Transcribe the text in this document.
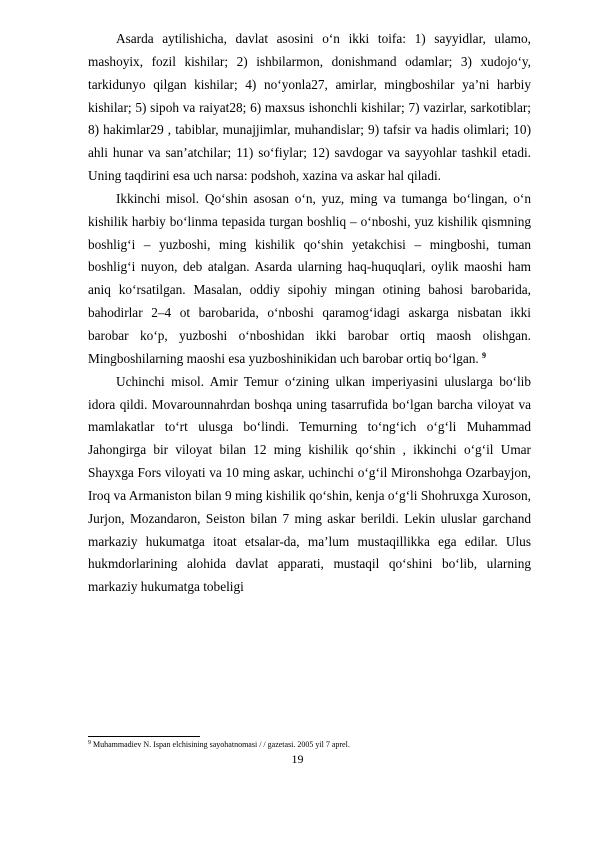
Asarda aytilishicha, davlat asosini o‘n ikki toifa: 1) sayyidlar, ulamo, mashoyix, fozil kishilar; 2) ishbilarmon, donishmand odamlar; 3) xudojo‘y, tarkidunyo qilgan kishilar; 4) no‘yonla27, amirlar, mingboshilar ya’ni harbiy kishilar; 5) sipoh va raiyat28; 6) maxsus ishonchli kishilar; 7) vazirlar, sarkotiblar; 8) hakimlar29 , tabiblar, munajjimlar, muhandislar; 9) tafsir va hadis olimlari; 10) ahli hunar va san’atchilar; 11) so‘fiylar; 12) savdogar va sayyohlar tashkil etadi. Uning taqdirini esa uch narsa: podshoh, xazina va askar hal qiladi.

Ikkinchi misol. Qo‘shin asosan o‘n, yuz, ming va tumanga bo‘lingan, o‘n kishilik harbiy bo‘linma tepasida turgan boshliq – o‘nboshi, yuz kishilik qismning boshlig‘i – yuzboshi, ming kishilik qo‘shin yetakchisi – mingboshi, tuman boshlig‘i nuyon, deb atalgan. Asarda ularning haq-huquqlari, oylik maoshi ham aniq ko‘rsatilgan. Masalan, oddiy sipohiy mingan otining bahosi barobarida, bahodirlar 2–4 ot barobarida, o‘nboshi qaramog‘idagi askarga nisbatan ikki barobar ko‘p, yuzboshi o‘nboshidan ikki barobar ortiq maosh olishgan. Mingboshilarning maoshi esa yuzboshinikidan uch barobar ortiq bo‘lgan. $^9$

Uchinchi misol. Amir Temur o‘zining ulkan imperiyasini uluslarga bo‘lib idora qildi. Movarounnahrdan boshqa uning tasarrufida bo‘lgan barcha viloyat va mamlakatlar to‘rt ulusga bo‘lindi. Temurning to‘ng‘ich o‘g‘li Muhammad Jahongirga bir viloyat bilan 12 ming kishilik qo‘shin , ikkinchi o‘g‘il Umar Shayxga Fors viloyati va 10 ming askar, uchinchi o‘g‘il Mironshohga Ozarbayjon, Iroq va Armaniston bilan 9 ming kishilik qo‘shin, kenja o‘g‘li Shohruxga Xuroson, Jurjon, Mozandaron, Seiston bilan 7 ming askar berildi. Lekin uluslar garchand markaziy hukumatga itoat etsalar-da, ma’lum mustaqillikka ega edilar. Ulus hukmdorlarining alohida davlat apparati, mustaqil qo‘shini bo‘lib, ularning markaziy hukumatga tobeligi

$^9$ Muhammadiev N. Ispan elchisining sayohatnomasi / / gazetasi. 2005 yil 7 aprel.
19
